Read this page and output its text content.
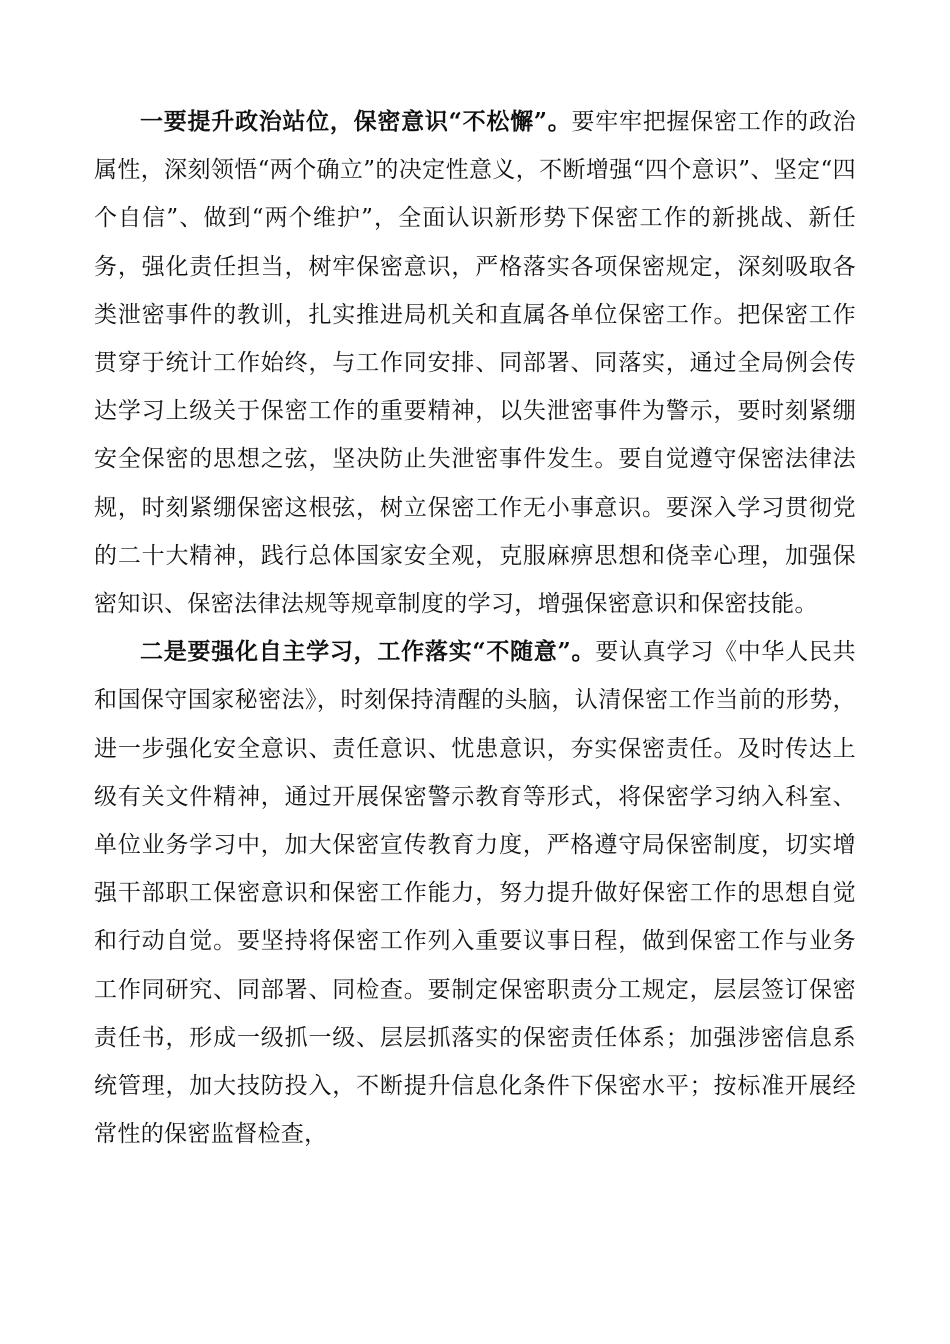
一要提升政治站位，保密意识“不松懈”。要牢牢把握保密工作的政治属性，深刻领悟“两个确立”的决定性意义，不断增强“四个意识”、坚定“四个自信”、做到“两个维护”，全面认识新形势下保密工作的新挑战、新任务，强化责任担当，树牢保密意识，严格落实各项保密规定，深刻吸取各类泄密事件的教训，扎实推进局机关和直属各单位保密工作。把保密工作贯穿于统计工作始终，与工作同安排、同部署、同落实，通过全局例会传达学习上级关于保密工作的重要精神，以失泄密事件为警示，要时刻紧绷安全保密的思想之弦，坚决防止失泄密事件发生。要自觉遵守保密法律法规，时刻紧绷保密这根弦，树立保密工作无小事意识。要深入学习贯彻党的二十大精神，践行总体国家安全观，克服麻痹思想和侥幸心理，加强保密知识、保密法律法规等规章制度的学习，增强保密意识和保密技能。

二是要强化自主学习，工作落实“不随意”。要认真学习《中华人民共和国保守国家秘密法》，时刻保持清醒的头脑，认清保密工作当前的形势，进一步强化安全意识、责任意识、忧患意识，夯实保密责任。及时传达上级有关文件精神，通过开展保密警示教育等形式，将保密学习纳入科室、单位业务学习中，加大保密宣传教育力度，严格遵守局保密制度，切实增强干部职工保密意识和保密工作能力，努力提升做好保密工作的思想自觉和行动自觉。要坚持将保密工作列入重要议事日程，做到保密工作与业务工作同研究、同部署、同检查。要制定保密职责分工规定，层层签订保密责任书，形成一级抓一级、层层抓落实的保密责任体系；加强涉密信息系统管理，加大技防投入，不断提升信息化条件下保密水平；按标准开展经常性的保密监督检查，
